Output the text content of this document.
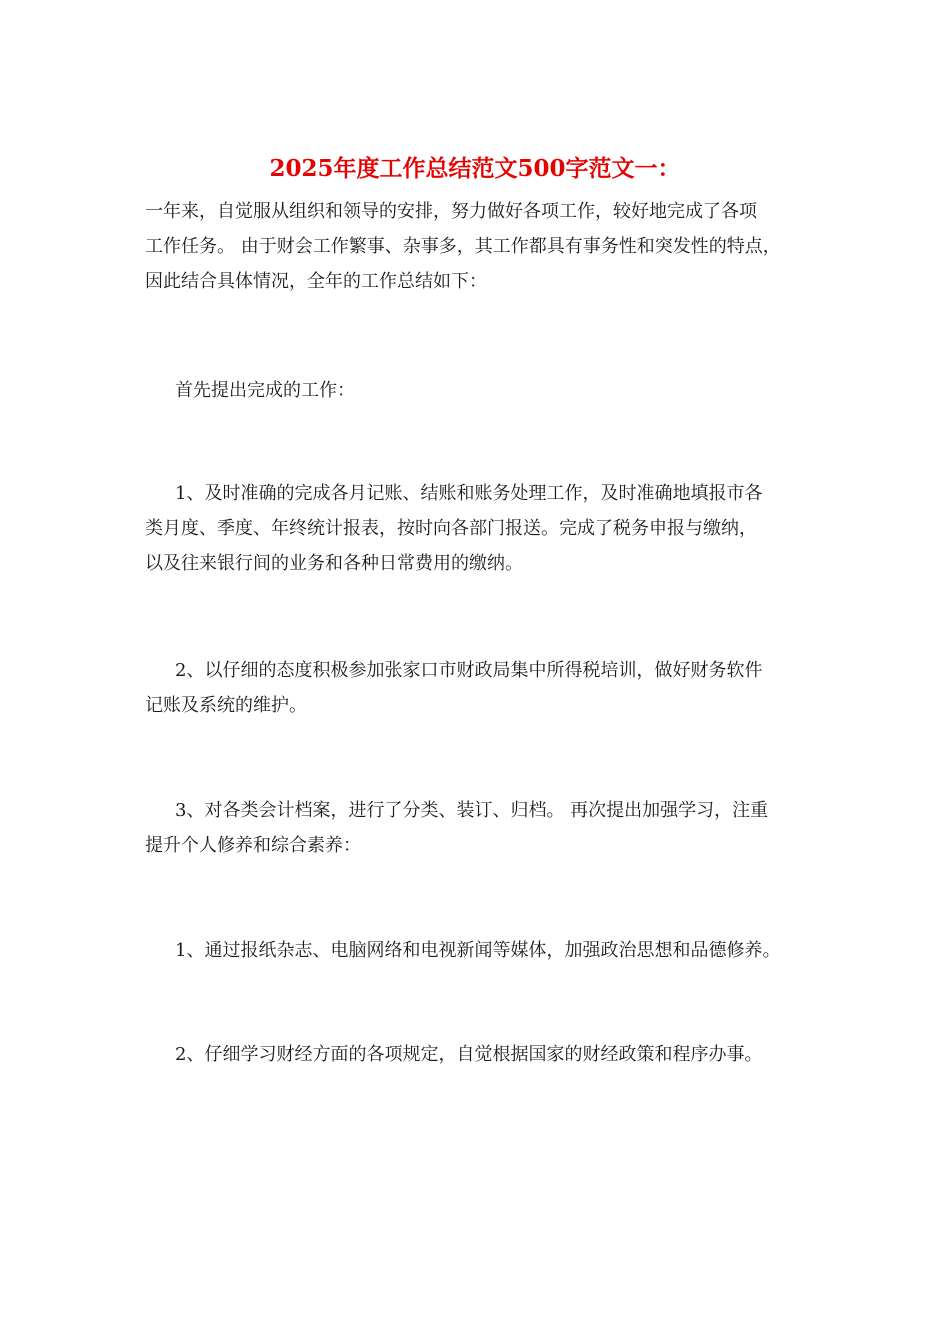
2025年度工作总结范文500字范文一：

一年来，自觉服从组织和领导的安排，努力做好各项工作，较好地完成了各项
工作任务。 由于财会工作繁事、杂事多，其工作都具有事务性和突发性的特点，
因此结合具体情况，全年的工作总结如下：

首先提出完成的工作：

1、及时准确的完成各月记账、结账和账务处理工作，及时准确地填报市各
类月度、季度、年终统计报表，按时向各部门报送。完成了税务申报与缴纳，
以及往来银行间的业务和各种日常费用的缴纳。

2、以仔细的态度积极参加张家口市财政局集中所得税培训，做好财务软件
记账及系统的维护。

3、对各类会计档案，进行了分类、装订、归档。 再次提出加强学习，注重
提升个人修养和综合素养：

1、通过报纸杂志、电脑网络和电视新闻等媒体，加强政治思想和品德修养。

2、仔细学习财经方面的各项规定，自觉根据国家的财经政策和程序办事。
